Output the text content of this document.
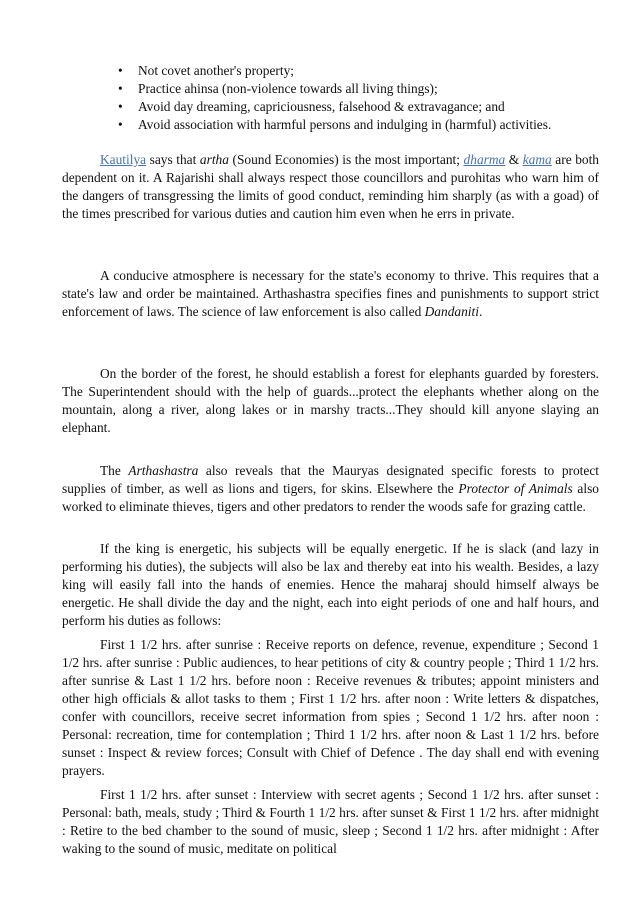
• Not covet another's property;
• Practice ahinsa (non-violence towards all living things);
• Avoid day dreaming, capriciousness, falsehood & extravagance; and
• Avoid association with harmful persons and indulging in (harmful) activities.

Kautilya says that artha (Sound Economies) is the most important; dharma & kama are both dependent on it. A Rajarishi shall always respect those councillors and purohitas who warn him of the dangers of transgressing the limits of good conduct, reminding him sharply (as with a goad) of the times prescribed for various duties and caution him even when he errs in private.

A conducive atmosphere is necessary for the state's economy to thrive. This requires that a state's law and order be maintained. Arthashastra specifies fines and punishments to support strict enforcement of laws. The science of law enforcement is also called Dandaniti.

On the border of the forest, he should establish a forest for elephants guarded by foresters. The Superintendent should with the help of guards...protect the elephants whether along on the mountain, along a river, along lakes or in marshy tracts...They should kill anyone slaying an elephant.

The Arthashastra also reveals that the Mauryas designated specific forests to protect supplies of timber, as well as lions and tigers, for skins. Elsewhere the Protector of Animals also worked to eliminate thieves, tigers and other predators to render the woods safe for grazing cattle.

If the king is energetic, his subjects will be equally energetic. If he is slack (and lazy in performing his duties), the subjects will also be lax and thereby eat into his wealth. Besides, a lazy king will easily fall into the hands of enemies. Hence the maharaj should himself always be energetic. He shall divide the day and the night, each into eight periods of one and half hours, and perform his duties as follows:

First 1 1/2 hrs. after sunrise : Receive reports on defence, revenue, expenditure ; Second 1 1/2 hrs. after sunrise : Public audiences, to hear petitions of city & country people ; Third 1 1/2 hrs. after sunrise & Last 1 1/2 hrs. before noon : Receive revenues & tributes; appoint ministers and other high officials & allot tasks to them ; First 1 1/2 hrs. after noon : Write letters & dispatches, confer with councillors, receive secret information from spies ; Second 1 1/2 hrs. after noon : Personal: recreation, time for contemplation ; Third 1 1/2 hrs. after noon & Last 1 1/2 hrs. before sunset : Inspect & review forces; Consult with Chief of Defence . The day shall end with evening prayers.

First 1 1/2 hrs. after sunset : Interview with secret agents ; Second 1 1/2 hrs. after sunset : Personal: bath, meals, study ; Third & Fourth 1 1/2 hrs. after sunset & First 1 1/2 hrs. after midnight : Retire to the bed chamber to the sound of music, sleep ; Second 1 1/2 hrs. after midnight : After waking to the sound of music, meditate on political
